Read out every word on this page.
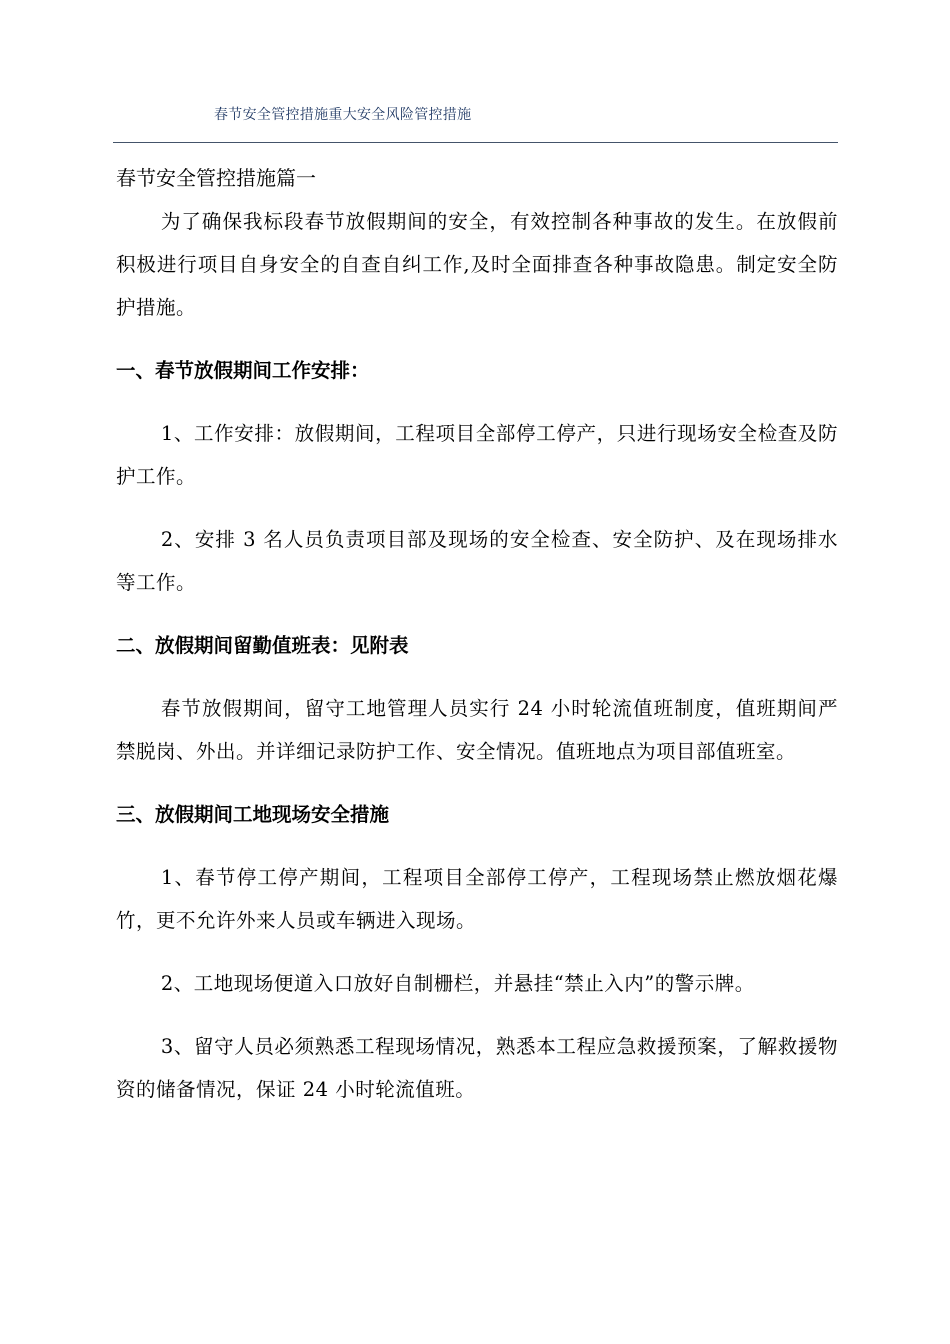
春节安全管控措施重大安全风险管控措施
春节安全管控措施篇一

为了确保我标段春节放假期间的安全，有效控制各种事故的发生。在放假前积极进行项目自身安全的自查自纠工作,及时全面排查各种事故隐患。制定安全防护措施。

一、春节放假期间工作安排：

1、工作安排：放假期间，工程项目全部停工停产，只进行现场安全检查及防护工作。

2、安排 3 名人员负责项目部及现场的安全检查、安全防护、及在现场排水等工作。

二、放假期间留勤值班表：见附表

春节放假期间，留守工地管理人员实行 24 小时轮流值班制度，值班期间严禁脱岗、外出。并详细记录防护工作、安全情况。值班地点为项目部值班室。

三、放假期间工地现场安全措施

1、春节停工停产期间，工程项目全部停工停产，工程现场禁止燃放烟花爆竹，更不允许外来人员或车辆进入现场。

2、工地现场便道入口放好自制栅栏，并悬挂“禁止入内”的警示牌。

3、留守人员必须熟悉工程现场情况，熟悉本工程应急救援预案，了解救援物资的储备情况，保证 24 小时轮流值班。
